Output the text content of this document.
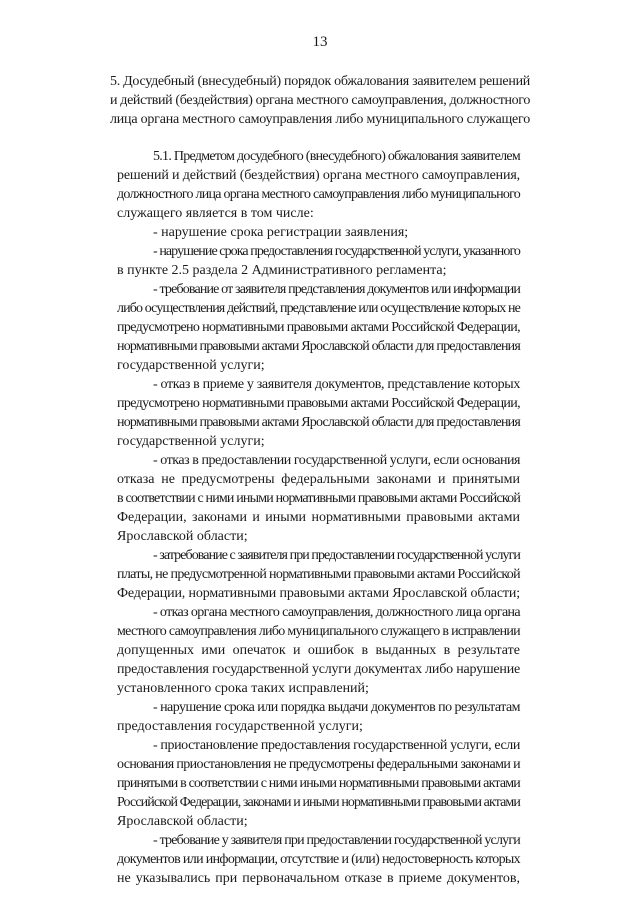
13
5. Досудебный (внесудебный) порядок обжалования заявителем решений
и действий (бездействия) органа местного самоуправления, должностного
лица органа местного самоуправления либо муниципального служащего

5.1. Предметом досудебного (внесудебного) обжалования заявителем
решений и действий (бездействия) органа местного самоуправления,
должностного лица органа местного самоуправления либо муниципального
служащего является в том числе:

- нарушение срока регистрации заявления;

- нарушение срока предоставления государственной услуги, указанного
в пункте 2.5 раздела 2 Административного регламента;

- требование от заявителя представления документов или информации
либо осуществления действий, представление или осуществление которых не
предусмотрено нормативными правовыми актами Российской Федерации,
нормативными правовыми актами Ярославской области для предоставления
государственной услуги;

- отказ в приеме у заявителя документов, представление которых
предусмотрено нормативными правовыми актами Российской Федерации,
нормативными правовыми актами Ярославской области для предоставления
государственной услуги;

- отказ в предоставлении государственной услуги, если основания
отказа не предусмотрены федеральными законами и принятыми
в соответствии с ними иными нормативными правовыми актами Российской
Федерации, законами и иными нормативными правовыми актами
Ярославской области;

- затребование с заявителя при предоставлении государственной услуги
платы, не предусмотренной нормативными правовыми актами Российской
Федерации, нормативными правовыми актами Ярославской области;

- отказ органа местного самоуправления, должностного лица органа
местного самоуправления либо муниципального служащего в исправлении
допущенных ими опечаток и ошибок в выданных в результате
предоставления государственной услуги документах либо нарушение
установленного срока таких исправлений;

- нарушение срока или порядка выдачи документов по результатам
предоставления государственной услуги;

- приостановление предоставления государственной услуги, если
основания приостановления не предусмотрены федеральными законами и
принятыми в соответствии с ними иными нормативными правовыми актами
Российской Федерации, законами и иными нормативными правовыми актами
Ярославской области;

- требование у заявителя при предоставлении государственной услуги
документов или информации, отсутствие и (или) недостоверность которых
не указывались при первоначальном отказе в приеме документов,
